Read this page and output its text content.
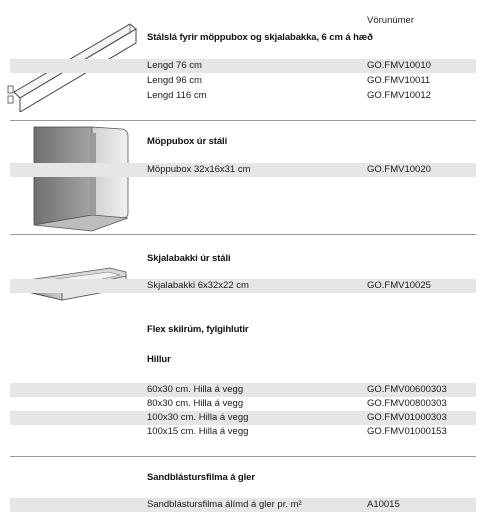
Vörunúmer
Stálslá fyrir möppubox og skjalabakka, 6 cm á hæð
Lengd 76 cm	GO.FMV10010
Lengd 96 cm	GO.FMV10011
Lengd 116 cm	GO.FMV10012
Möppubox úr stáli
Möppubox 32x16x31 cm	GO.FMV10020
Skjalabakki úr stáli
Skjalabakki 6x32x22 cm	GO.FMV10025
Flex skilrúm, fylgihlutir
Hillur
60x30 cm. Hilla á vegg	GO.FMV00600303
80x30 cm. Hilla á vegg	GO.FMV00800303
100x30 cm. Hilla á vegg	GO.FMV01000303
100x15 cm. Hilla á vegg	GO.FMV01000153
Sandblástursfilma á gler
Sandblástursfilma álímd á gler pr. m²	A10015
